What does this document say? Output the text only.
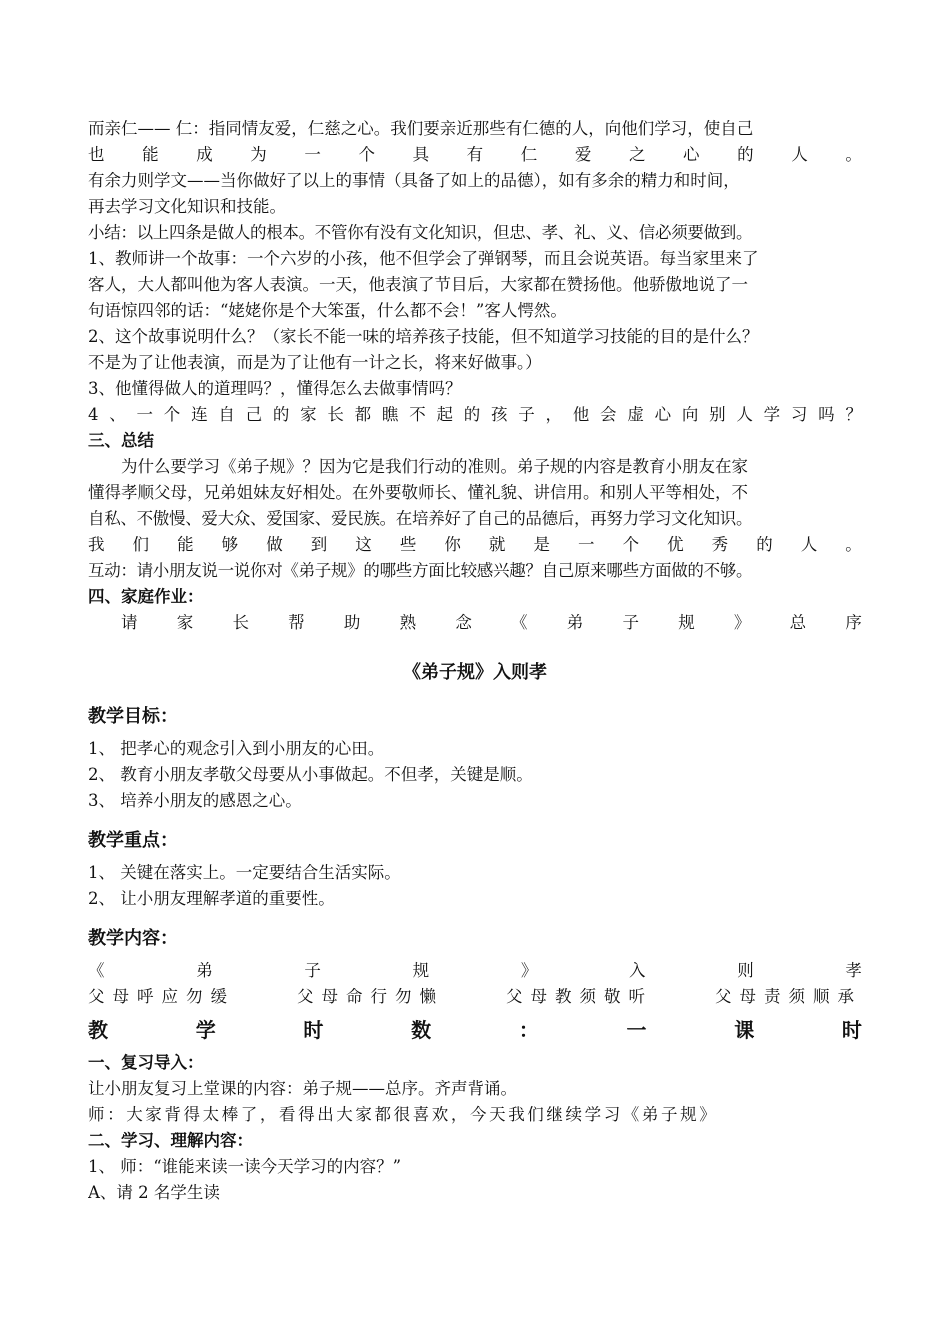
而亲仁—— 仁：指同情友爱，仁慈之心。我们要亲近那些有仁德的人，向他们学习，使自己

也 能 成 为 一 个 具 有 仁 爱 之 心 的 人 。

有余力则学文——当你做好了以上的事情（具备了如上的品德），如有多余的精力和时间，

再去学习文化知识和技能。

小结：以上四条是做人的根本。不管你有没有文化知识，但忠、孝、礼、义、信必须要做到。

1、教师讲一个故事：一个六岁的小孩，他不但学会了弹钢琴，而且会说英语。每当家里来了

客人，大人都叫他为客人表演。一天，他表演了节目后，大家都在赞扬他。他骄傲地说了一

句语惊四邻的话：“姥姥你是个大笨蛋，什么都不会！”客人愕然。

2、这个故事说明什么？（家长不能一味的培养孩子技能，但不知道学习技能的目的是什么？

不是为了让他表演，而是为了让他有一计之长，将来好做事。）

3、他懂得做人的道理吗？，懂得怎么去做事情吗？

4 、 一 个 连 自 己 的 家 长 都 瞧 不 起 的 孩 子 ， 他 会 虚 心 向 别 人 学 习 吗 ？

三、总结

为什么要学习《弟子规》？因为它是我们行动的准则。弟子规的内容是教育小朋友在家

懂得孝顺父母，兄弟姐妹友好相处。在外要敬师长、懂礼貌、讲信用。和别人平等相处，不

自私、不傲慢、爱大众、爱国家、爱民族。在培养好了自己的品德后，再努力学习文化知识。

我 们 能 够 做 到 这 些 你 就 是 一 个 优 秀 的 人 。

互动：请小朋友说一说你对《弟子规》的哪些方面比较感兴趣？自己原来哪些方面做的不够。

四、家庭作业：

请 家 长 帮 助 熟 念 《 弟 子 规 》 总 序
《弟子规》入则孝
教学目标：

1、 把孝心的观念引入到小朋友的心田。

2、 教育小朋友孝敬父母要从小事做起。不但孝，关键是顺。

3、 培养小朋友的感恩之心。

教学重点：

1、 关键在落实上。一定要结合生活实际。

2、 让小朋友理解孝道的重要性。

教学内容：
《	弟	子	规	》	入	则	孝
父母呼应勿缓	父母命行勿懒	父母教须敬听	父母责须顺承
教	学	时	数	：	一	课	时

一、复习导入：

让小朋友复习上堂课的内容：弟子规——总序。齐声背诵。

师：大家背得太棒了，看得出大家都很喜欢，今天我们继续学习《弟子规》

二、学习、理解内容：

1、 师：“谁能来读一读今天学习的内容？”

A、请 2 名学生读
